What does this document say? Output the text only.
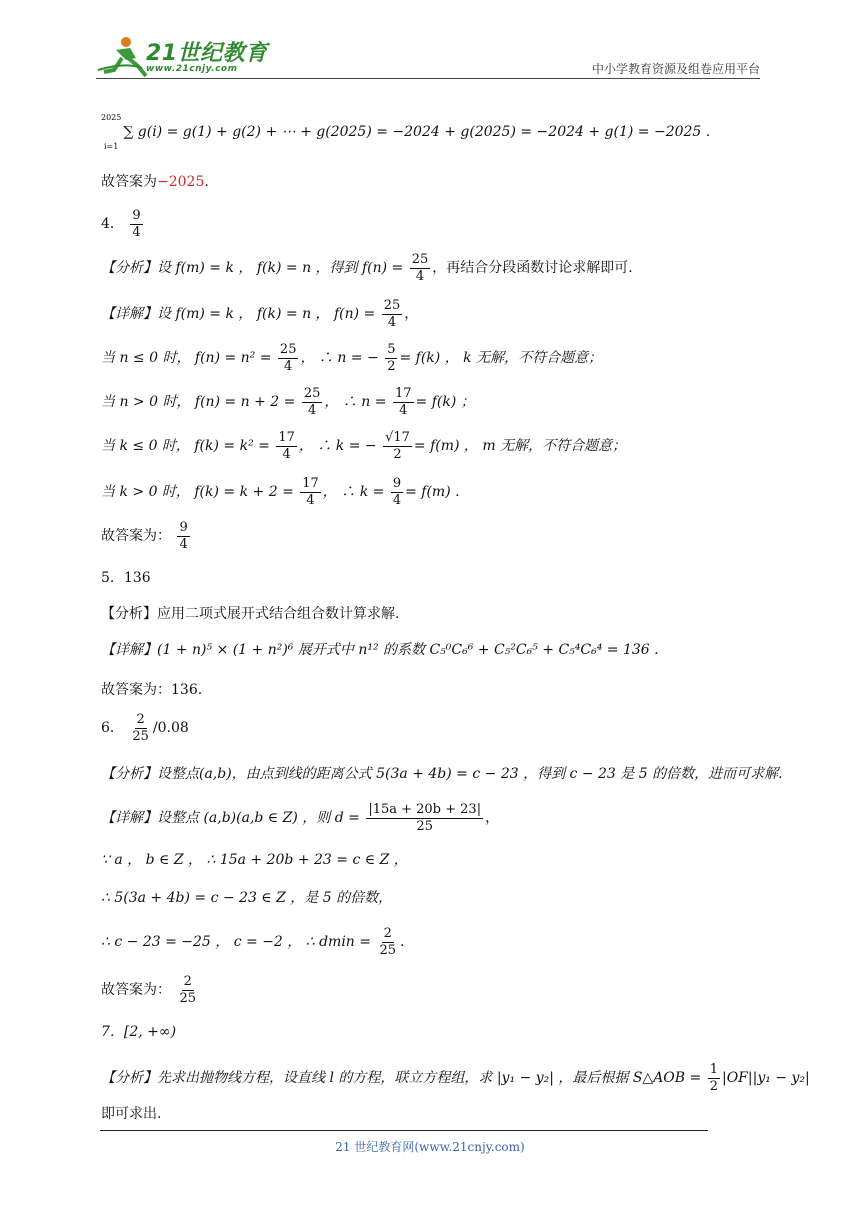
21世纪教育
www.21cnjy.com	中小学教育资源及组卷应用平台
2025

i=1
∑ g(i) = g(1) + g(2) + ⋯ + g(2025) = −2024 + g(2025) = −2024 + g(1) = −2025 .
故答案为−2025.
4． $\frac{9}{4}$
【分析】设 f(m) = k ， f(k) = n ，得到 $f(n) = \frac{25}{4}$ ，再结合分段函数讨论求解即可.
【详解】设 f(m) = k ， f(k) = n ， $f(n) = \frac{25}{4}$ ，
当 n ≤ 0 时， $f(n) = n^2 = \frac{25}{4}$ ， ∴ n = − $\frac{5}{2} = f(k)$ ， k 无解，不符合题意；
当 n > 0 时， $f(n) = n + 2 = \frac{25}{4}$ ， ∴ $n = \frac{17}{4} = f(k)$ ；
当 k ≤ 0 时， $f(k) = k^2 = \frac{17}{4}$ ， ∴ k = − $\frac{√17}{2} = f(m)$ ， m 无解，不符合题意；
当 k > 0 时， $f(k) = k + 2 = \frac{17}{4}$ ， ∴ $k = \frac{9}{4} = f(m)$ .
故答案为： $\frac{9}{4}$
5．136
【分析】应用二项式展开式结合组合数计算求解.
【详解】(1 + n)⁵ × (1 + n²)⁶ 展开式中 n¹² 的系数 C₅⁰C₆⁶ + C₅²C₆⁵ + C₅⁴C₆⁴ = 136 .
故答案为：136.
6． $\frac{2}{25} /0.08$
【分析】设整点(a,b)，由点到线的距离公式 5(3a + 4b) = c − 23 ，得到 c − 23 是 5 的倍数，进而可求解.
【详解】设整点 (a,b)(a,b ∈ Z) ，则 $d = \frac{|15a + 20b + 23|}{25}$ ，
∵ a ， b ∈ Z ， ∴ 15a + 20b + 23 = c ∈ Z ，
∴ 5(3a + 4b) = c − 23 ∈ Z ，是 5 的倍数，
∴ c − 23 = −25 ， c = −2 ， ∴ $dmin = \frac{2}{25}$ .
故答案为： $\frac{2}{25}$
7．[2, +∞)
【分析】先求出抛物线方程，设直线 l 的方程，联立方程组，求 |y₁ − y₂| ，最后根据 S△AOB = $\frac{1}{2} |OF||y_1 - y_2|$
即可求出.
21 世纪教育网(www.21cnjy.com)
